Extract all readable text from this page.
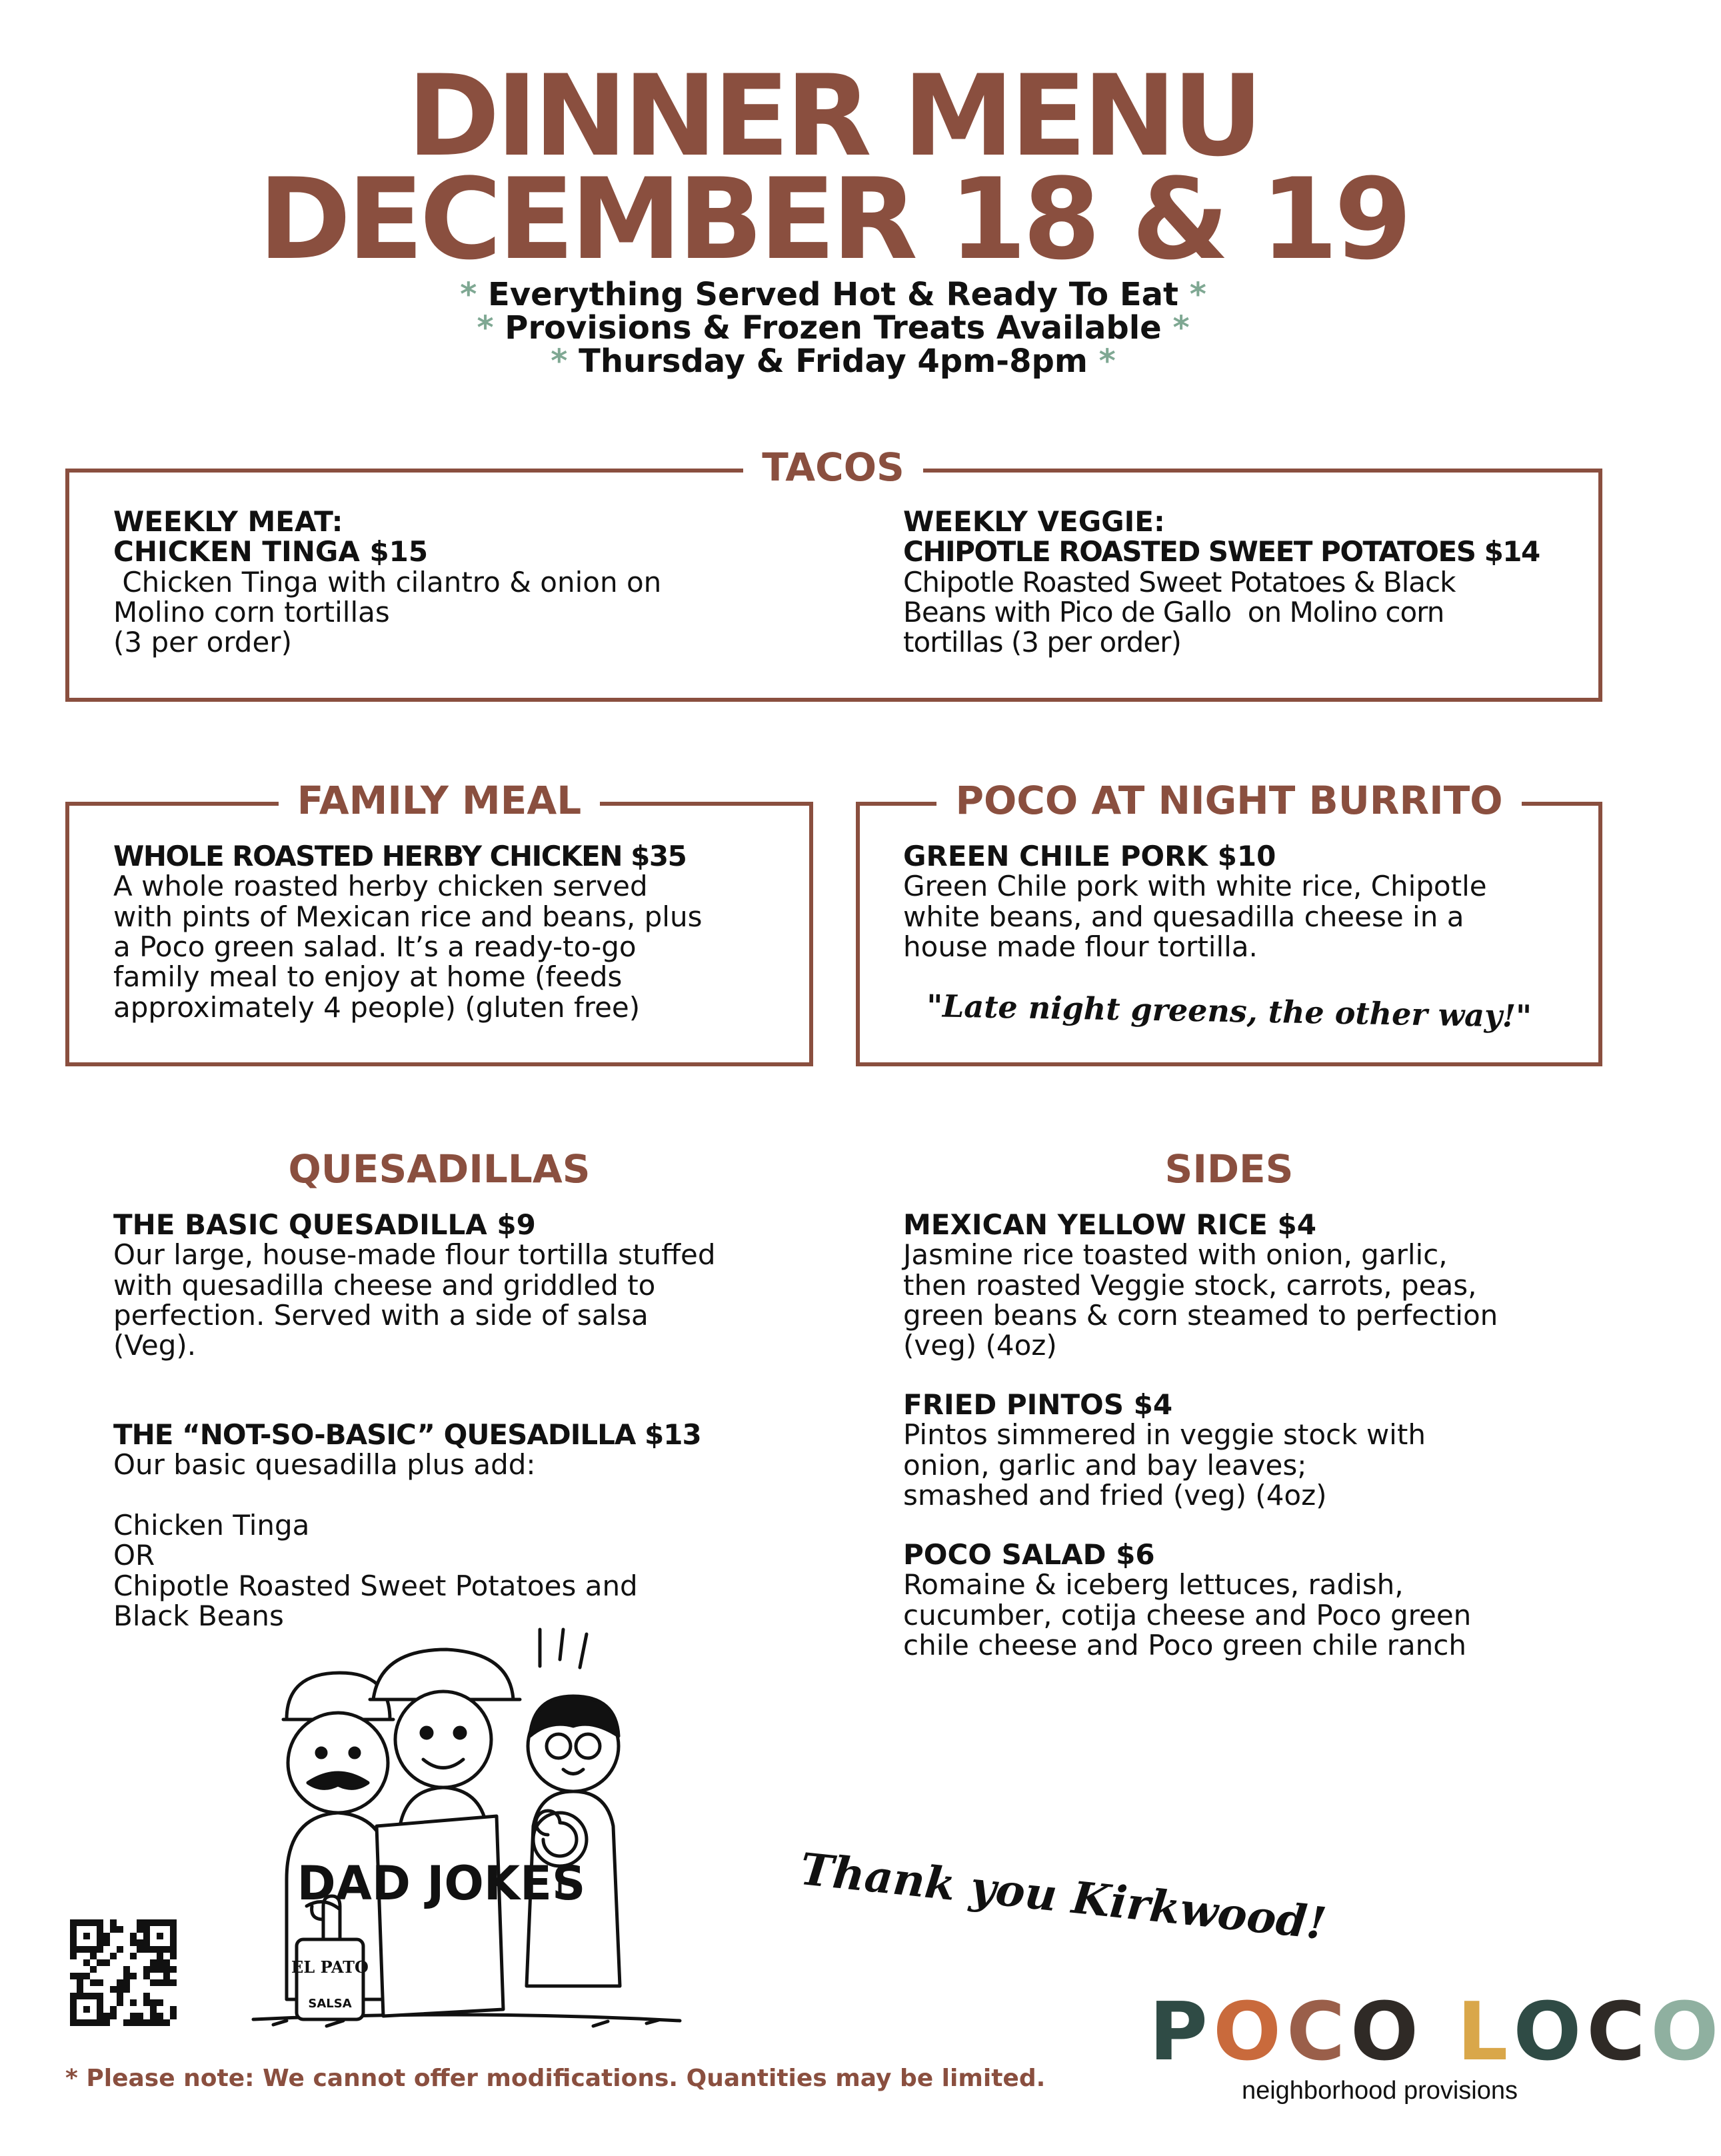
DINNER MENU
DECEMBER 18 & 19
* Everything Served Hot & Ready To Eat *
* Provisions & Frozen Treats Available *
* Thursday & Friday 4pm-8pm *
TACOS
WEEKLY MEAT:
CHICKEN TINGA $15
Chicken Tinga with cilantro & onion on
Molino corn tortillas
(3 per order)
WEEKLY VEGGIE:
CHIPOTLE ROASTED SWEET POTATOES $14
Chipotle Roasted Sweet Potatoes & Black
Beans with Pico de Gallo  on Molino corn
tortillas (3 per order)
FAMILY MEAL
WHOLE ROASTED HERBY CHICKEN $35
A whole roasted herby chicken served
with pints of Mexican rice and beans, plus
a Poco green salad. It’s a ready-to-go
family meal to enjoy at home (feeds
approximately 4 people) (gluten free)
POCO AT NIGHT BURRITO
GREEN CHILE PORK $10
Green Chile pork with white rice, Chipotle
white beans, and quesadilla cheese in a
house made flour tortilla.
"Late night greens, the other way!"
QUESADILLAS
THE BASIC QUESADILLA $9
Our large, house-made flour tortilla stuffed
with quesadilla cheese and griddled to
perfection. Served with a side of salsa
(Veg).
THE “NOT-SO-BASIC” QUESADILLA $13
Our basic quesadilla plus add:

Chicken Tinga
OR
Chipotle Roasted Sweet Potatoes and
Black Beans
SIDES
MEXICAN YELLOW RICE $4
Jasmine rice toasted with onion, garlic,
then roasted Veggie stock, carrots, peas,
green beans & corn steamed to perfection
(veg) (4oz)
FRIED PINTOS $4
Pintos simmered in veggie stock with
onion, garlic and bay leaves;
smashed and fried (veg) (4oz)
POCO SALAD $6
Romaine & iceberg lettuces, radish,
cucumber, cotija cheese and Poco green
chile cheese and Poco green chile ranch
DAD JOKES
EL PATO
SALSA
Thank you Kirkwood!
* Please note: We cannot offer modifications. Quantities may be limited. POCO LOCO
neighborhood provisions
